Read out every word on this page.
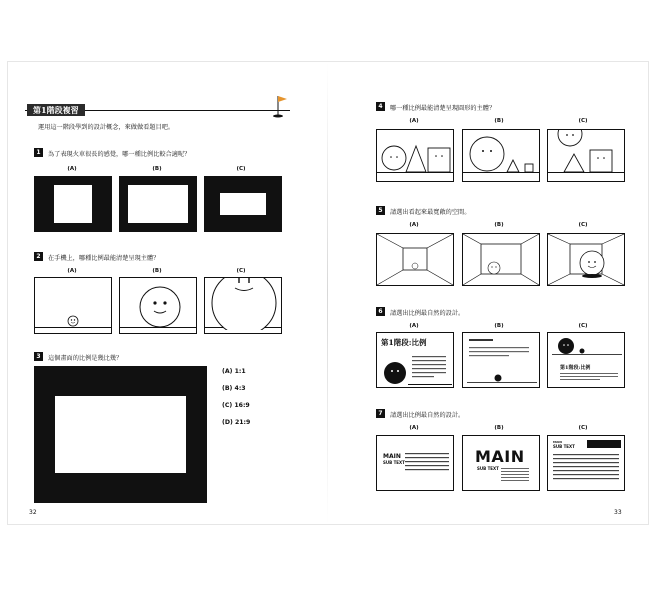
第1階段複習
運用這一階段學到的設計概念，來做做看題目吧。
1	為了表現火車很長的感覺，哪一種比例比較合適呢？
(A)	(B)	(C)
2	在手機上，哪種比例最能清楚呈現主體？
(A)	(B)	(C)
3	這個畫面的比例是幾比幾？
(A) 1:1
(B) 4:3
(C) 16:9
(D) 21:9
32
4	哪一種比例最能清楚呈現圓形的主體？
(A)	(B)	(C)
5	請選出看起來最寬敞的空間。
(A)	(B)	(C)
6	請選出比例最自然的設計。
(A)	(B)	(C)
第1階段:比例
第1階段:比例
7	請選出比例最自然的設計。
(A)	(B)	(C)
MAIN
SUB TEXT	MAIN
SUB TEXT
MAIN
SUB TEXT
33
